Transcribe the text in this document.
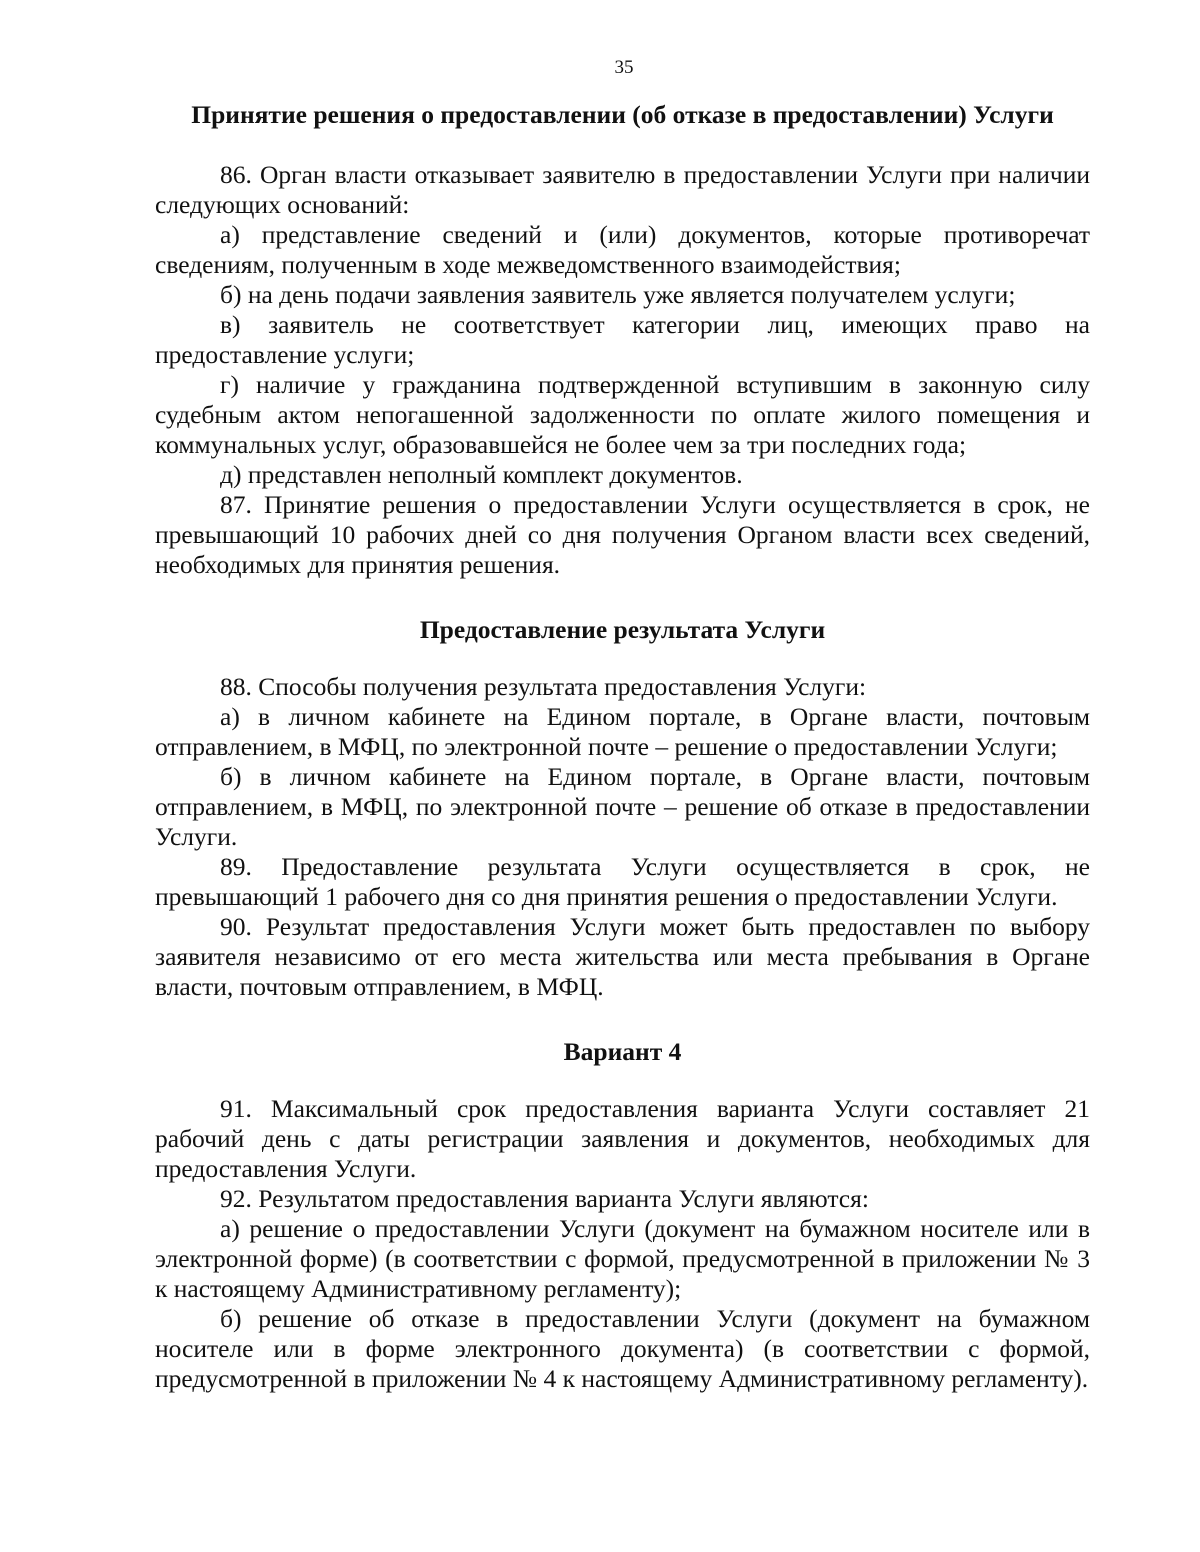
35
Принятие решения о предоставлении (об отказе в предоставлении) Услуги

86. Орган власти отказывает заявителю в предоставлении Услуги при наличии следующих оснований:

а) представление сведений и (или) документов, которые противоречат сведениям, полученным в ходе межведомственного взаимодействия;

б) на день подачи заявления заявитель уже является получателем услуги;

в) заявитель не соответствует категории лиц, имеющих право на предоставление услуги;

г) наличие у гражданина подтвержденной вступившим в законную силу судебным актом непогашенной задолженности по оплате жилого помещения и коммунальных услуг, образовавшейся не более чем за три последних года;

д) представлен неполный комплект документов.

87. Принятие решения о предоставлении Услуги осуществляется в срок, не превышающий 10 рабочих дней со дня получения Органом власти всех сведений, необходимых для принятия решения.

Предоставление результата Услуги

88. Способы получения результата предоставления Услуги:

а) в личном кабинете на Едином портале, в Органе власти, почтовым отправлением, в МФЦ, по электронной почте – решение о предоставлении Услуги;

б) в личном кабинете на Едином портале, в Органе власти, почтовым отправлением, в МФЦ, по электронной почте – решение об отказе в предоставлении Услуги.

89. Предоставление результата Услуги осуществляется в срок, не превышающий 1 рабочего дня со дня принятия решения о предоставлении Услуги.

90. Результат предоставления Услуги может быть предоставлен по выбору заявителя независимо от его места жительства или места пребывания в Органе власти, почтовым отправлением, в МФЦ.

Вариант 4

91. Максимальный срок предоставления варианта Услуги составляет 21 рабочий день с даты регистрации заявления и документов, необходимых для предоставления Услуги.

92. Результатом предоставления варианта Услуги являются:

а) решение о предоставлении Услуги (документ на бумажном носителе или в электронной форме) (в соответствии с формой, предусмотренной в приложении № 3 к настоящему Административному регламенту);

б) решение об отказе в предоставлении Услуги (документ на бумажном носителе или в форме электронного документа) (в соответствии с формой, предусмотренной в приложении № 4 к настоящему Административному регламенту).
